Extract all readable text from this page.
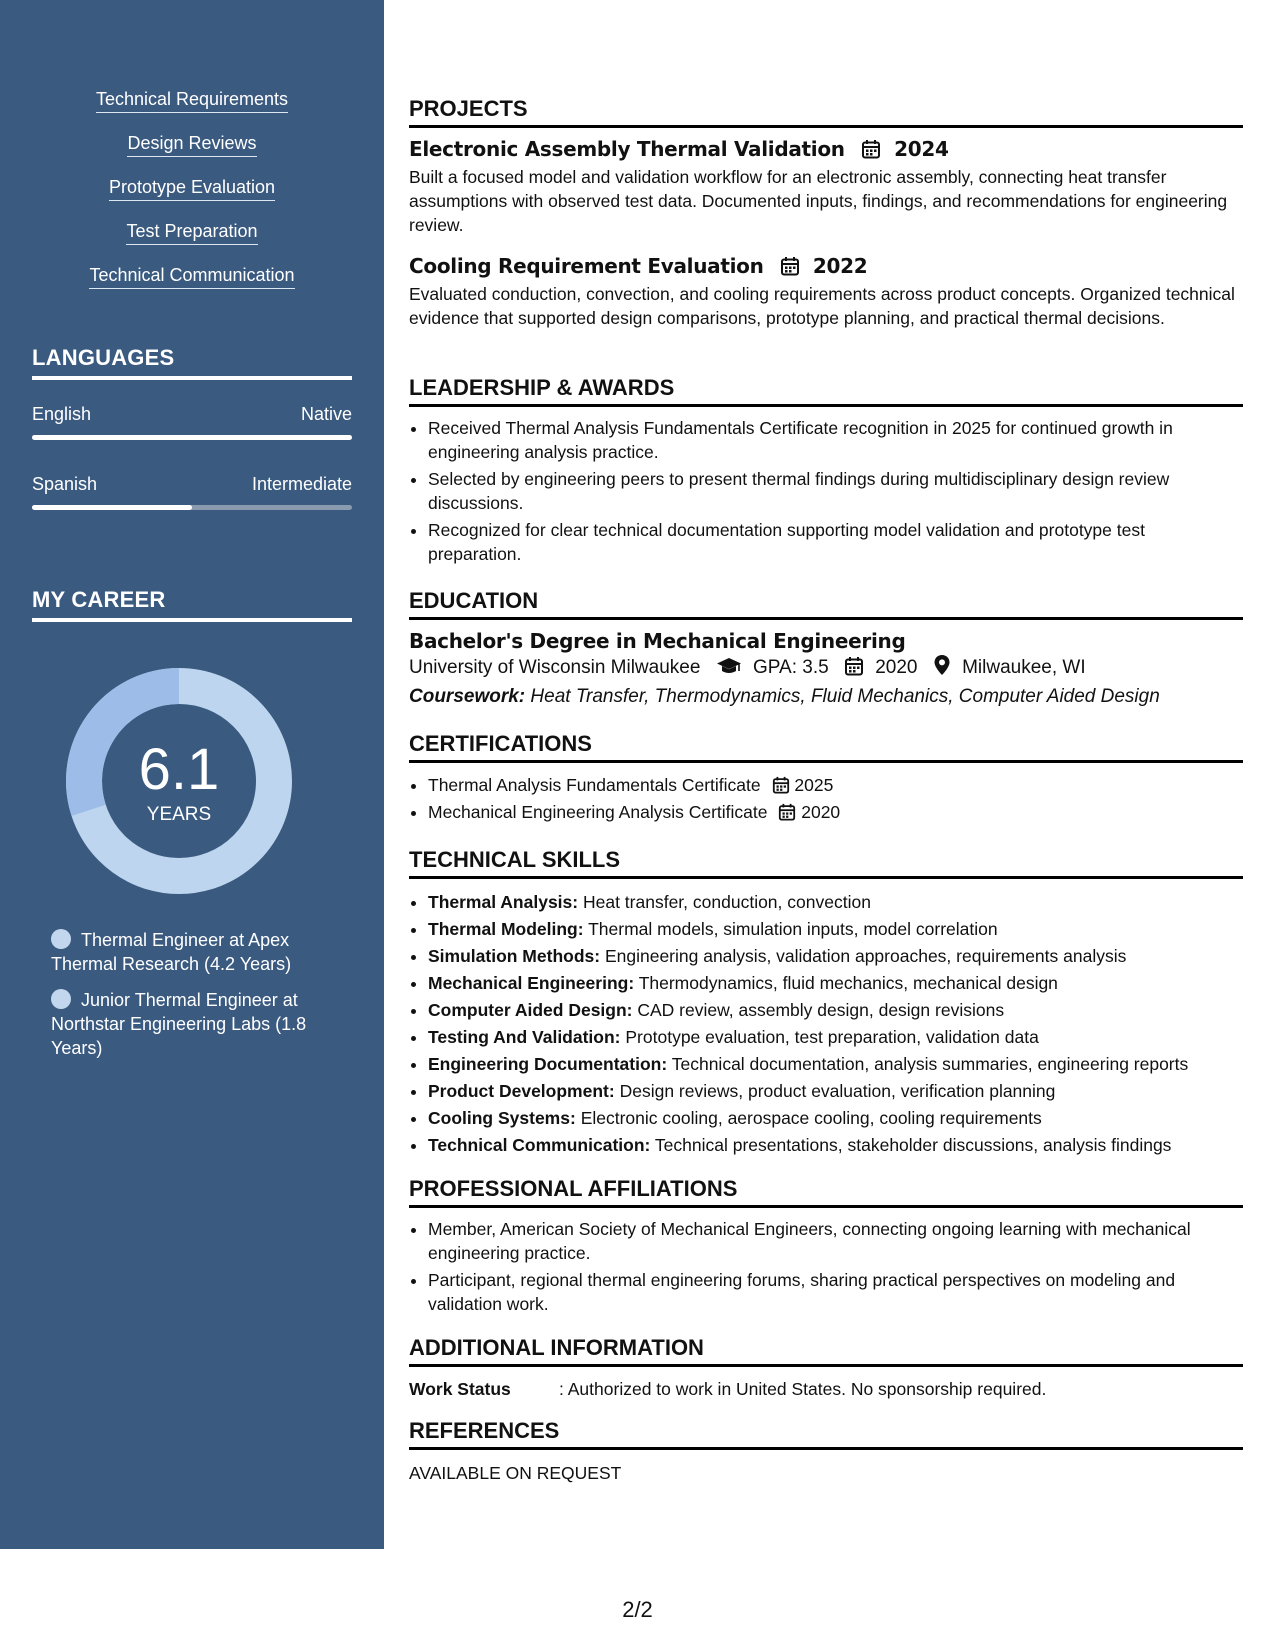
Technical Requirements
Design Reviews
Prototype Evaluation
Test Preparation
Technical Communication
LANGUAGES
English	Native
Spanish	Intermediate
MY CAREER
6.1
YEARS
Thermal Engineer at Apex Thermal Research (4.2 Years)
Junior Thermal Engineer at Northstar Engineering Labs (1.8 Years)
PROJECTS
Electronic Assembly Thermal Validation 2024
Built a focused model and validation workflow for an electronic assembly, connecting heat transfer assumptions with observed test data. Documented inputs, findings, and recommendations for engineering review.
Cooling Requirement Evaluation 2022
Evaluated conduction, convection, and cooling requirements across product concepts. Organized technical evidence that supported design comparisons, prototype planning, and practical thermal decisions.
LEADERSHIP & AWARDS
• Received Thermal Analysis Fundamentals Certificate recognition in 2025 for continued growth in engineering analysis practice.
• Selected by engineering peers to present thermal findings during multidisciplinary design review discussions.
• Recognized for clear technical documentation supporting model validation and prototype test preparation.
EDUCATION
Bachelor's Degree in Mechanical Engineering
University of Wisconsin Milwaukee	GPA: 3.5 2020 Milwaukee, WI
Coursework: Heat Transfer, Thermodynamics, Fluid Mechanics, Computer Aided Design
CERTIFICATIONS
• Thermal Analysis Fundamentals Certificate 2025
• Mechanical Engineering Analysis Certificate 2020
TECHNICAL SKILLS
• Thermal Analysis: Heat transfer, conduction, convection
• Thermal Modeling: Thermal models, simulation inputs, model correlation
• Simulation Methods: Engineering analysis, validation approaches, requirements analysis
• Mechanical Engineering: Thermodynamics, fluid mechanics, mechanical design
• Computer Aided Design: CAD review, assembly design, design revisions
• Testing And Validation: Prototype evaluation, test preparation, validation data
• Engineering Documentation: Technical documentation, analysis summaries, engineering reports
• Product Development: Design reviews, product evaluation, verification planning
• Cooling Systems: Electronic cooling, aerospace cooling, cooling requirements
• Technical Communication: Technical presentations, stakeholder discussions, analysis findings
PROFESSIONAL AFFILIATIONS
• Member, American Society of Mechanical Engineers, connecting ongoing learning with mechanical engineering practice.
• Participant, regional thermal engineering forums, sharing practical perspectives on modeling and validation work.
ADDITIONAL INFORMATION
Work Status	: Authorized to work in United States. No sponsorship required.
REFERENCES
AVAILABLE ON REQUEST
2/2
